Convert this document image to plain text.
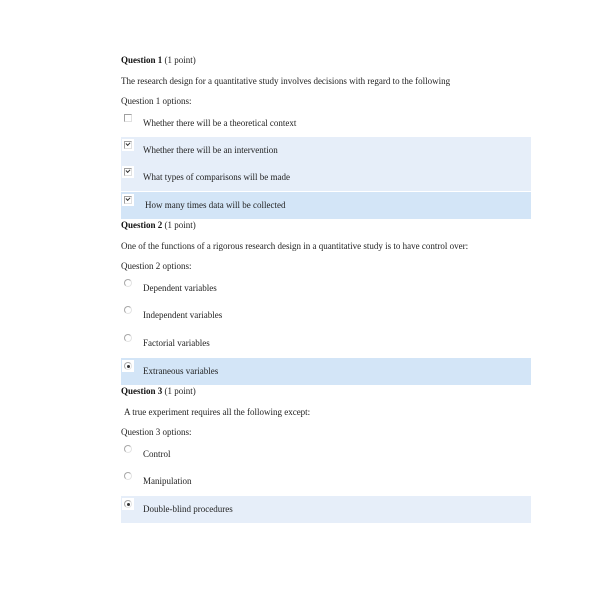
Question 1 (1 point)
The research design for a quantitative study involves decisions with regard to the following
Question 1 options:
Whether there will be a theoretical context
Whether there will be an intervention
What types of comparisons will be made
How many times data will be collected
Question 2 (1 point)
One of the functions of a rigorous research design in a quantitative study is to have control over:
Question 2 options:
Dependent variables
Independent variables
Factorial variables
Extraneous variables
Question 3 (1 point)
A true experiment requires all the following except:
Question 3 options:
Control
Manipulation
Double-blind procedures
